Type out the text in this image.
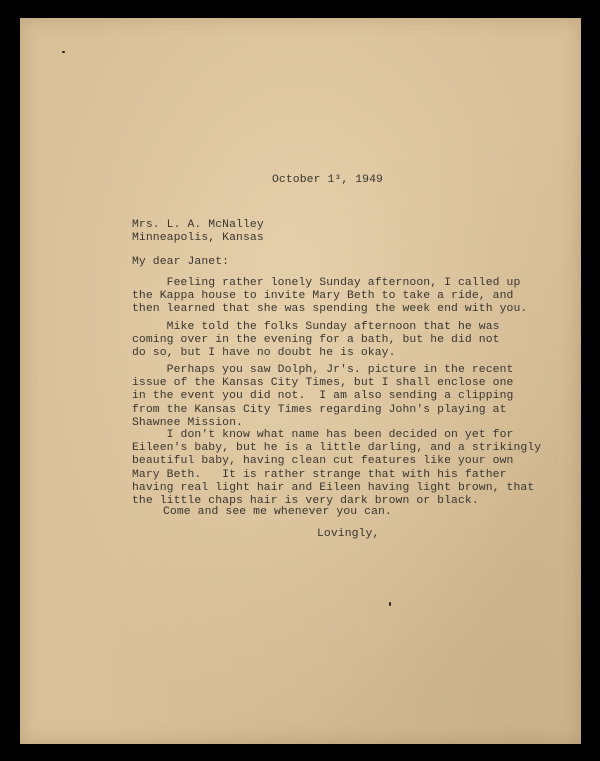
October 1³, 1949
Mrs. L. A. McNalley
Minneapolis, Kansas
My dear Janet:
Feeling rather lonely Sunday afternoon, I called up
the Kappa house to invite Mary Beth to take a ride, and
then learned that she was spending the week end with you.
Mike told the folks Sunday afternoon that he was
coming over in the evening for a bath, but he did not
do so, but I have no doubt he is okay.
Perhaps you saw Dolph, Jr's. picture in the recent
issue of the Kansas City Times, but I shall enclose one
in the event you did not.  I am also sending a clipping
from the Kansas City Times regarding John's playing at
Shawnee Mission.
I don't know what name has been decided on yet for
Eileen's baby, but he is a little darling, and a strikingly
beautiful baby, having clean cut features like your own
Mary Beth.   It is rather strange that with his father
having real light hair and Eileen having light brown, that
the little chaps hair is very dark brown or black.
Come and see me whenever you can.
Lovingly,
